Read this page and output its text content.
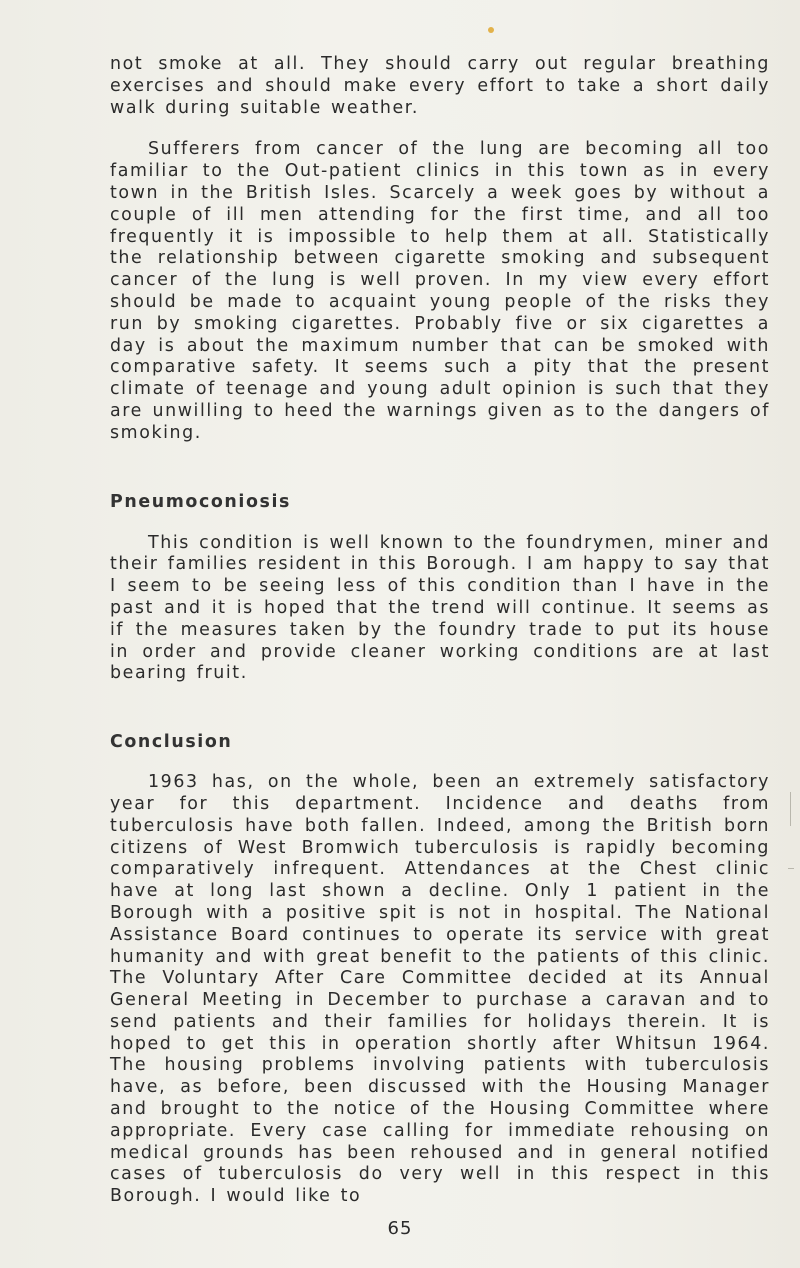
not smoke at all. They should carry out regular breathing exercises and should make every effort to take a short daily walk during suitable weather.

Sufferers from cancer of the lung are becoming all too familiar to the Out-patient clinics in this town as in every town in the British Isles. Scarcely a week goes by without a couple of ill men attending for the first time, and all too frequently it is impossible to help them at all. Statistically the relationship between cigarette smoking and subsequent cancer of the lung is well proven. In my view every effort should be made to acquaint young people of the risks they run by smoking cigarettes. Probably five or six cigarettes a day is about the maximum number that can be smoked with comparative safety. It seems such a pity that the present climate of teenage and young adult opinion is such that they are unwilling to heed the warnings given as to the dangers of smoking.

Pneumoconiosis

This condition is well known to the foundrymen, miner and their families resident in this Borough. I am happy to say that I seem to be seeing less of this condition than I have in the past and it is hoped that the trend will continue. It seems as if the measures taken by the foundry trade to put its house in order and provide cleaner working conditions are at last bearing fruit.

Conclusion

1963 has, on the whole, been an extremely satisfactory year for this department. Incidence and deaths from tuberculosis have both fallen. Indeed, among the British born citizens of West Bromwich tuberculosis is rapidly becoming comparatively infrequent. Attendances at the Chest clinic have at long last shown a decline. Only 1 patient in the Borough with a positive spit is not in hospital. The National Assistance Board continues to operate its service with great humanity and with great benefit to the patients of this clinic. The Voluntary After Care Committee decided at its Annual General Meeting in December to purchase a caravan and to send patients and their families for holidays therein. It is hoped to get this in operation shortly after Whitsun 1964. The housing problems involving patients with tuberculosis have, as before, been discussed with the Housing Manager and brought to the notice of the Housing Committee where appropriate. Every case calling for immediate rehousing on medical grounds has been rehoused and in general notified cases of tuberculosis do very well in this respect in this Borough. I would like to

65
